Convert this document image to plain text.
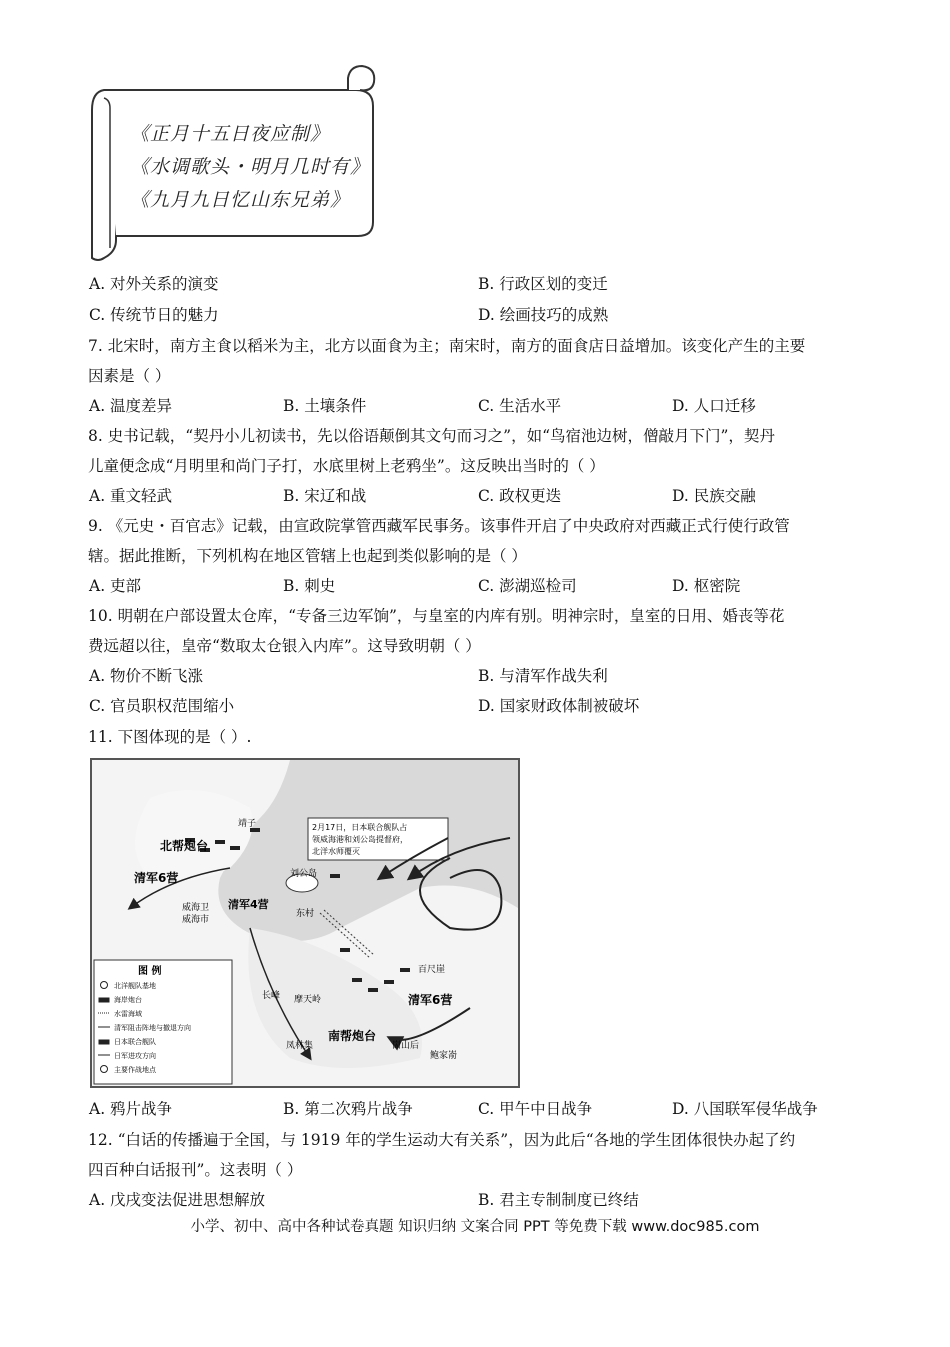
《正月十五日夜应制》
《水调歌头・明月几时有》
《九月九日忆山东兄弟》
A. 对外关系的演变	B. 行政区划的变迁
C. 传统节日的魅力	D. 绘画技巧的成熟
7. 北宋时，南方主食以稻米为主，北方以面食为主；南宋时，南方的面食店日益增加。该变化产生的主要
因素是（ ）
A. 温度差异	B. 土壤条件	C. 生活水平	D. 人口迁移
8. 史书记载，“契丹小儿初读书，先以俗语颠倒其文句而习之”，如“鸟宿池边树，僧敲月下门”，契丹
儿童便念成“月明里和尚门子打，水底里树上老鸦坐”。这反映出当时的（ ）
A. 重文轻武	B. 宋辽和战	C. 政权更迭	D. 民族交融
9. 《元史・百官志》记载，由宣政院掌管西藏军民事务。该事件开启了中央政府对西藏正式行使行政管
辖。据此推断，下列机构在地区管辖上也起到类似影响的是（ ）
A. 吏部	B. 刺史	C. 澎湖巡检司	D. 枢密院
10. 明朝在户部设置太仓库，“专备三边军饷”，与皇室的内库有别。明神宗时，皇室的日用、婚丧等花
费远超以往，皇帝“数取太仓银入内库”。这导致明朝（ ）
A. 物价不断飞涨	B. 与清军作战失利
C. 官员职权范围缩小	D. 国家财政体制被破坏
11. 下图体现的是（ ）.
2月17日，日本联合舰队占
领威海港和刘公岛提督府，
北洋水师覆灭
靖子
北帮炮台
清军6营
威海卫
威海市
清军4营
刘公岛
东村
百尺崖
清军6营
长峰 摩天岭
南帮炮台
凤林集	崮山后
鲍家嵛
图 例
北洋舰队基地
海岸炮台
水雷海域
清军阻击阵地与撤退方向
日本联合舰队
日军进攻方向
主要作战地点
A. 鸦片战争	B. 第二次鸦片战争	C. 甲午中日战争	D. 八国联军侵华战争
12. “白话的传播遍于全国，与 1919 年的学生运动大有关系”，因为此后“各地的学生团体很快办起了约
四百种白话报刊”。这表明（ ）
A. 戊戌变法促进思想解放	B. 君主专制制度已终结
小学、初中、高中各种试卷真题 知识归纳 文案合同 PPT 等免费下载 www.doc985.com
